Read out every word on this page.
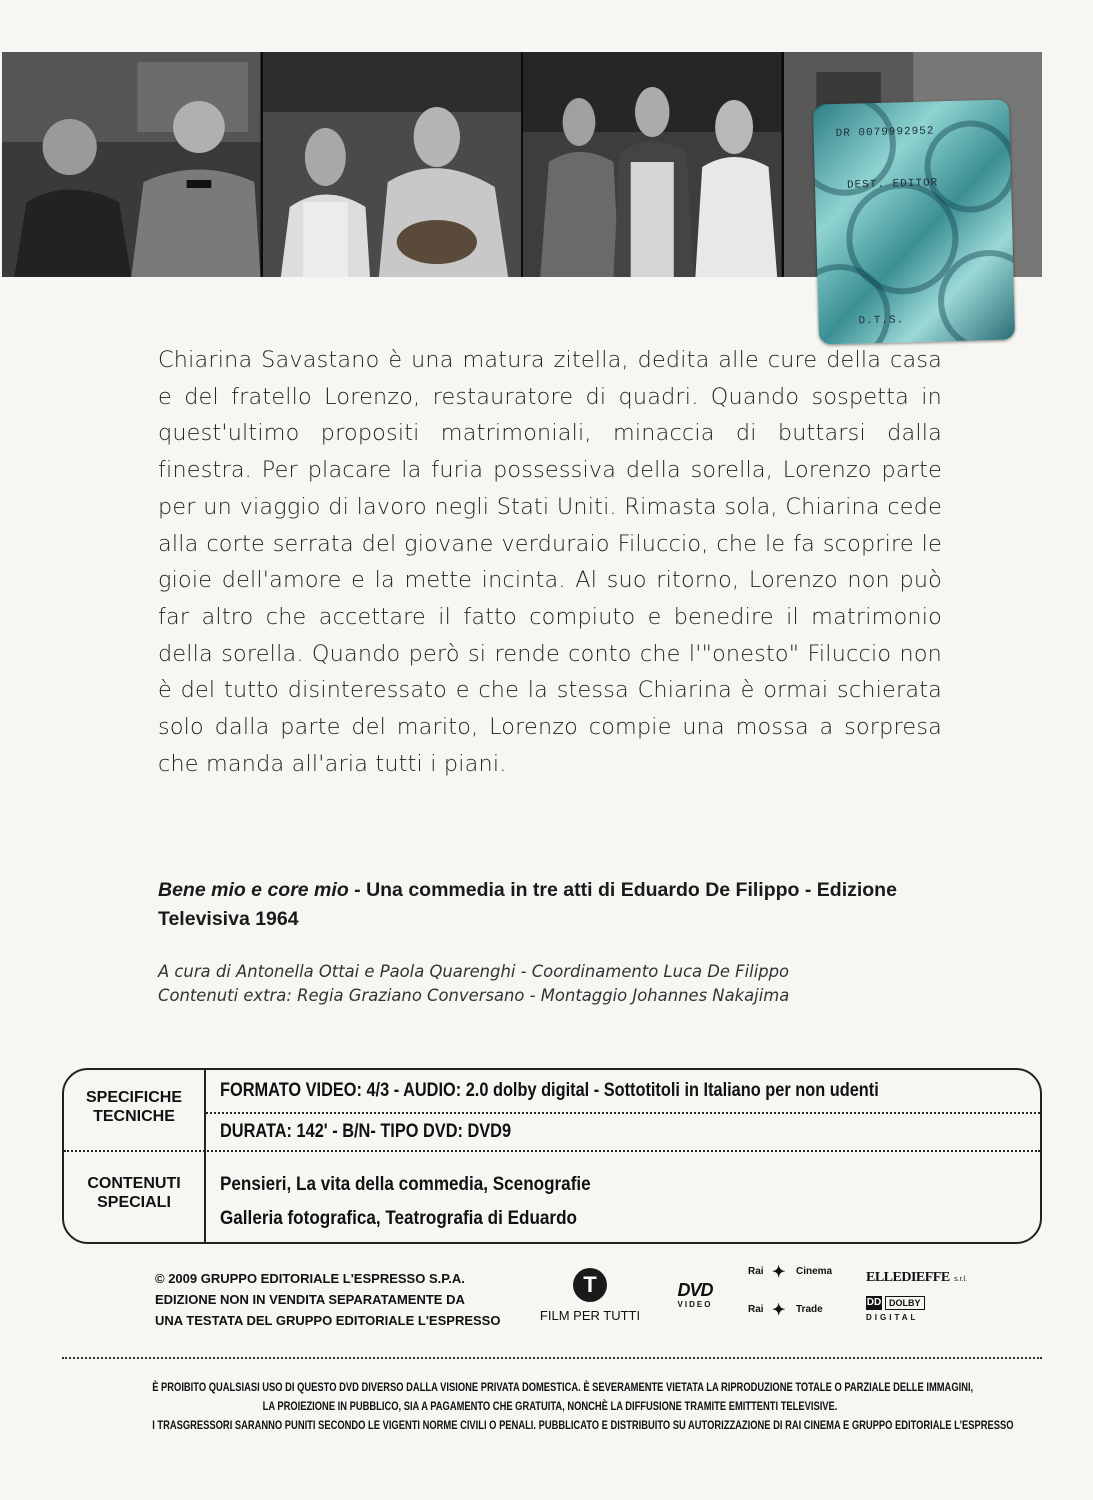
DR 0079992952
DEST. EDITOR
D.T.S.

Chiarina Savastano è una matura zitella, dedita alle cure della casa e del fratello Lorenzo, restauratore di quadri. Quando sospetta in quest'ultimo propositi matrimoniali, minaccia di buttarsi dalla finestra. Per placare la furia possessiva della sorella, Lorenzo parte per un viaggio di lavoro negli Stati Uniti. Rimasta sola, Chiarina cede alla corte serrata del giovane verduraio Filuccio, che le fa scoprire le gioie dell'amore e la mette incinta. Al suo ritorno, Lorenzo non può far altro che accettare il fatto compiuto e benedire il matrimonio della sorella. Quando però si rende conto che l'"onesto" Filuccio non è del tutto disinteressato e che la stessa Chiarina è ormai schierata solo dalla parte del marito, Lorenzo compie una mossa a sorpresa che manda all'aria tutti i piani.

Bene mio e core mio - Una commedia in tre atti di Eduardo De Filippo - Edizione Televisiva 1964

A cura di Antonella Ottai e Paola Quarenghi - Coordinamento Luca De Filippo
Contenuti extra: Regia Graziano Conversano - Montaggio Johannes Nakajima
SPECIFICHE
TECNICHE
FORMATO VIDEO: 4/3 - AUDIO: 2.0 dolby digital - Sottotitoli in Italiano per non udenti
DURATA: 142' - B/N- TIPO DVD: DVD9
CONTENUTI
SPECIALI
Pensieri, La vita della commedia, Scenografie
Galleria fotografica, Teatrografia di Eduardo
© 2009 GRUPPO EDITORIALE L'ESPRESSO S.P.A.
EDIZIONE NON IN VENDITA SEPARATAMENTE DA
UNA TESTATA DEL GRUPPO EDITORIALE L'ESPRESSO
T
FILM PER TUTTI
DVD
VIDEO
Rai ✦ Cinema
Rai ✦ Trade
ELLEDIEFFE s.r.l.
DD DOLBY
DIGITAL
È PROIBITO QUALSIASI USO DI QUESTO DVD DIVERSO DALLA VISIONE PRIVATA DOMESTICA. È SEVERAMENTE VIETATA LA RIPRODUZIONE TOTALE O PARZIALE DELLE IMMAGINI,
LA PROIEZIONE IN PUBBLICO, SIA A PAGAMENTO CHE GRATUITA, NONCHÈ LA DIFFUSIONE TRAMITE EMITTENTI TELEVISIVE.
I TRASGRESSORI SARANNO PUNITI SECONDO LE VIGENTI NORME CIVILI O PENALI. PUBBLICATO E DISTRIBUITO SU AUTORIZZAZIONE DI RAI CINEMA E GRUPPO EDITORIALE L'ESPRESSO
